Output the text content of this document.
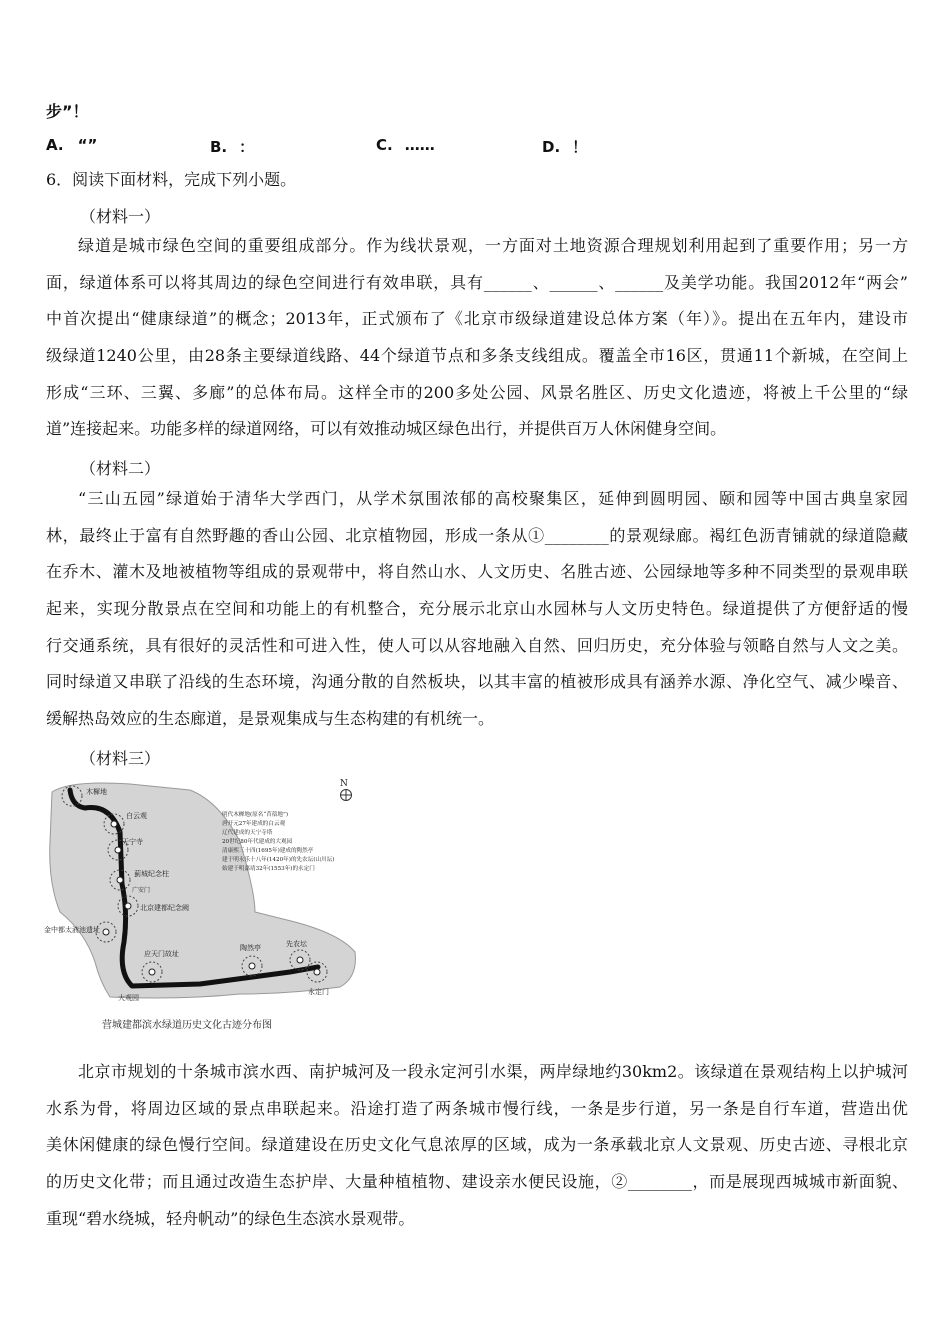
步”！
A. “”	B. ：	C. ……	D. ！
6．阅读下面材料，完成下列小题。
（材料一）

绿道是城市绿色空间的重要组成部分。作为线状景观，一方面对土地资源合理规划利用起到了重要作用；另一方

面，绿道体系可以将其周边的绿色空间进行有效串联，具有______、______、______及美学功能。我国2012年“两会”

中首次提出“健康绿道”的概念；2013年，正式颁布了《北京市级绿道建设总体方案（年）》。提出在五年内，建设市

级绿道1240公里，由28条主要绿道线路、44个绿道节点和多条支线组成。覆盖全市16区，贯通11个新城，在空间上

形成“三环、三翼、多廊”的总体布局。这样全市的200多处公园、风景名胜区、历史文化遗迹，将被上千公里的“绿

道”连接起来。功能多样的绿道网络，可以有效推动城区绿色出行，并提供百万人休闲健身空间。

（材料二）

“三山五园”绿道始于清华大学西门，从学术氛围浓郁的高校聚集区，延伸到圆明园、颐和园等中国古典皇家园

林，最终止于富有自然野趣的香山公园、北京植物园，形成一条从①________的景观绿廊。褐红色沥青铺就的绿道隐藏

在乔木、灌木及地被植物等组成的景观带中，将自然山水、人文历史、名胜古迹、公园绿地等多种不同类型的景观串联

起来，实现分散景点在空间和功能上的有机整合，充分展示北京山水园林与人文历史特色。绿道提供了方便舒适的慢

行交通系统，具有很好的灵活性和可进入性，使人可以从容地融入自然、回归历史，充分体验与领略自然与人文之美。

同时绿道又串联了沿线的生态环境，沟通分散的自然板块，以其丰富的植被形成具有涵养水源、净化空气、减少噪音、

缓解热岛效应的生态廊道，是景观集成与生态构建的有机统一。

（材料三）
N
木樨地
白云观
天宁寺
蓟城纪念柱
广安门
北京建都纪念阙
金中都太液池遗址
应天门故址
大观园
陶然亭	先农坛
永定门
明代木樨地(原名“苜蓿地”)
唐开元27年建成的白云观
辽代建成的天宁寺塔
20世纪80年代建成的大观园
清康熙三十四(1695年)建成的陶然亭
建于明永乐十八年(1420年)的先农坛(山川坛)
始建于明嘉靖32年(1553年)的永定门
营城建都滨水绿道历史文化古迹分布图

北京市规划的十条城市滨水西、南护城河及一段永定河引水渠，两岸绿地约30km2。该绿道在景观结构上以护城河

水系为骨，将周边区域的景点串联起来。沿途打造了两条城市慢行线，一条是步行道，另一条是自行车道，营造出优

美休闲健康的绿色慢行空间。绿道建设在历史文化气息浓厚的区域，成为一条承载北京人文景观、历史古迹、寻根北京

的历史文化带；而且通过改造生态护岸、大量种植植物、建设亲水便民设施，②________，而是展现西城城市新面貌、

重现“碧水绕城，轻舟帆动”的绿色生态滨水景观带。
